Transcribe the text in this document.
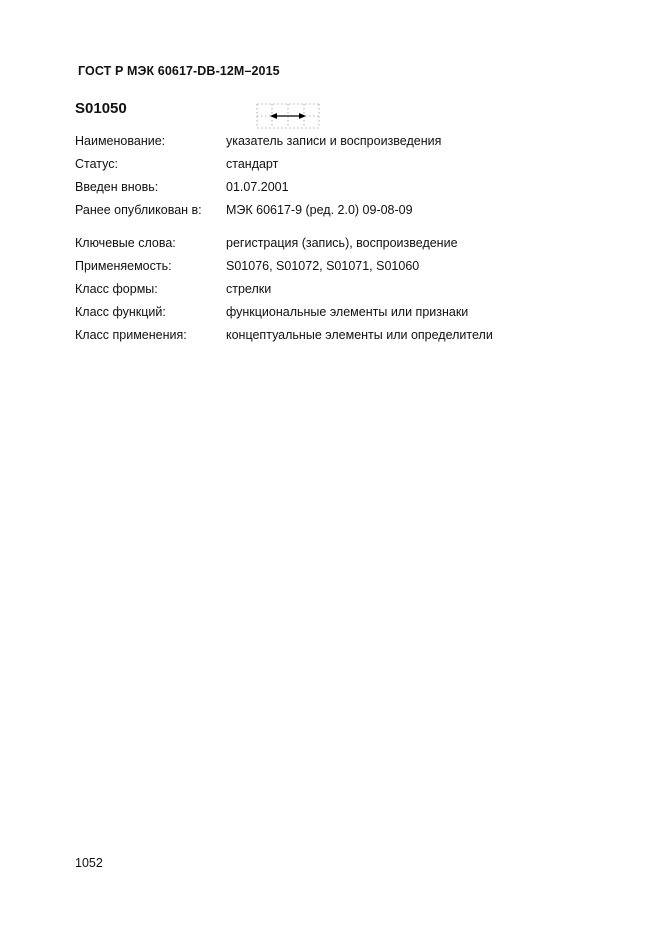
ГОСТ Р МЭК 60617-DB-12M–2015
S01050
Наименование:	указатель записи и воспроизведения
Статус:	стандарт
Введен вновь:	01.07.2001
Ранее опубликован в: МЭК 60617-9 (ред. 2.0) 09-08-09
Ключевые слова:	регистрация (запись), воспроизведение
Применяемость:	S01076, S01072, S01071, S01060
Класс формы:	стрелки
Класс функций:	функциональные элементы или признаки
Класс применения:	концептуальные элементы или определители
1052
